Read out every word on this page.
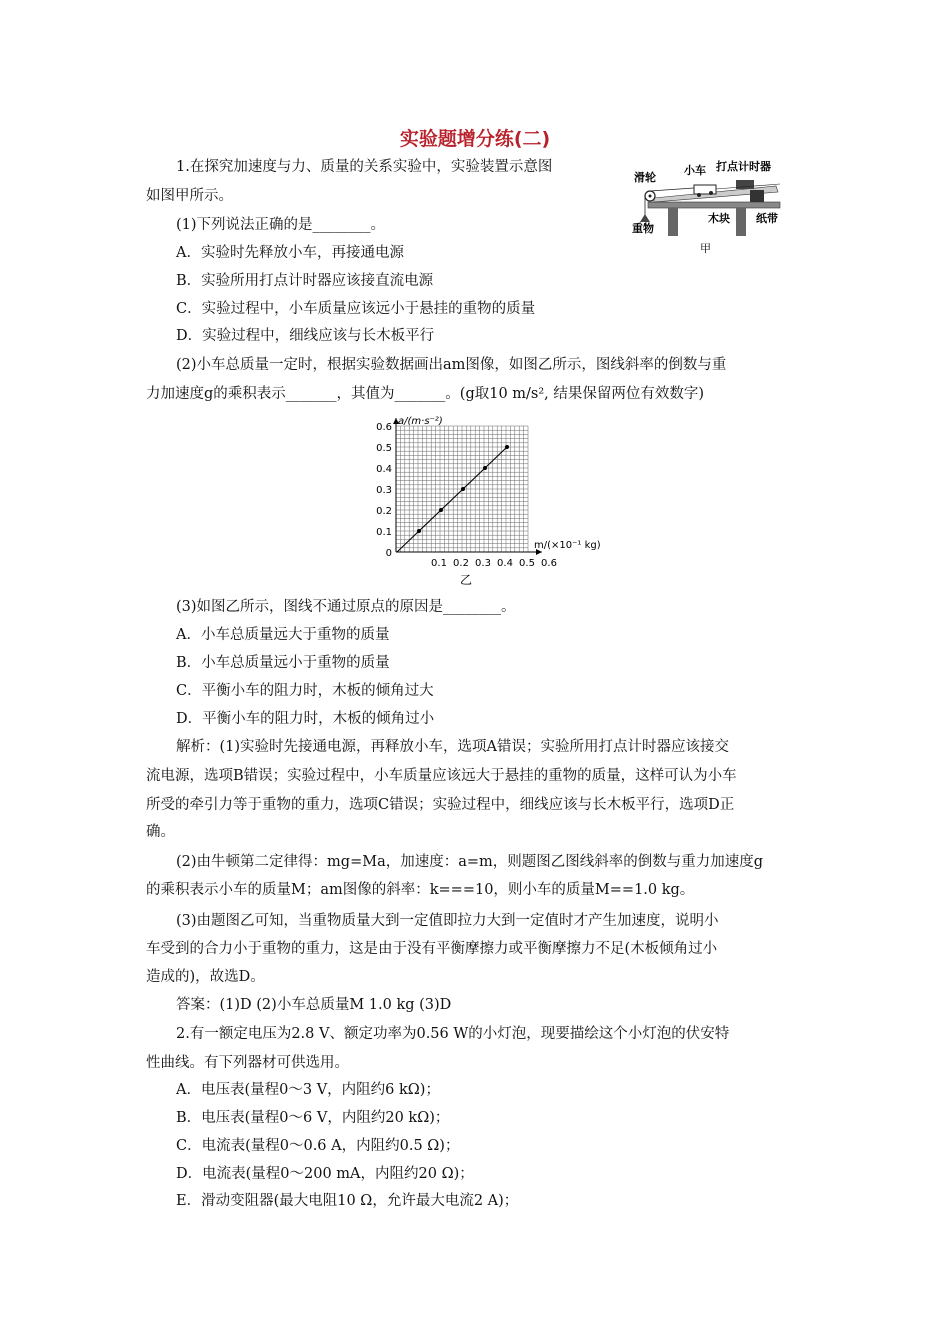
实验题增分练(二)
1.在探究加速度与力、质量的关系实验中，实验装置示意图
如图甲所示。
(1)下列说法正确的是________。
A．实验时先释放小车，再接通电源
B．实验所用打点计时器应该接直流电源
C．实验过程中，小车质量应该远小于悬挂的重物的质量
D．实验过程中，细线应该与长木板平行
(2)小车总质量一定时，根据实验数据画出am图像，如图乙所示，图线斜率的倒数与重
力加速度g的乘积表示_______，其值为_______。(g取10 m/s², 结果保留两位有效数字)
滑轮
小车 打点计时器
木块 纸带
重物
甲
0
0.1
0.2
0.3
0.4
0.5
0.6
0.1 0.2 0.3 0.4 0.5 0.6
a/(m·s⁻²)
m/(×10⁻¹ kg)
乙
(3)如图乙所示，图线不通过原点的原因是________。
A．小车总质量远大于重物的质量
B．小车总质量远小于重物的质量
C．平衡小车的阻力时，木板的倾角过大
D．平衡小车的阻力时，木板的倾角过小
解析：(1)实验时先接通电源，再释放小车，选项A错误；实验所用打点计时器应该接交
流电源，选项B错误；实验过程中，小车质量应该远大于悬挂的重物的质量，这样可认为小车
所受的牵引力等于重物的重力，选项C错误；实验过程中，细线应该与长木板平行，选项D正
确。
(2)由牛顿第二定律得：mg=Ma，加速度：a=m，则题图乙图线斜率的倒数与重力加速度g
的乘积表示小车的质量M；am图像的斜率：k===10，则小车的质量M==1.0 kg。
(3)由题图乙可知，当重物质量大到一定值即拉力大到一定值时才产生加速度，说明小
车受到的合力小于重物的重力，这是由于没有平衡摩擦力或平衡摩擦力不足(木板倾角过小
造成的)，故选D。
答案：(1)D (2)小车总质量M 1.0 kg (3)D
2.有一额定电压为2.8 V、额定功率为0.56 W的小灯泡，现要描绘这个小灯泡的伏安特
性曲线。有下列器材可供选用。
A．电压表(量程0～3 V，内阻约6 kΩ)；
B．电压表(量程0～6 V，内阻约20 kΩ)；
C．电流表(量程0～0.6 A，内阻约0.5 Ω)；
D．电流表(量程0～200 mA，内阻约20 Ω)；
E．滑动变阻器(最大电阻10 Ω，允许最大电流2 A)；
